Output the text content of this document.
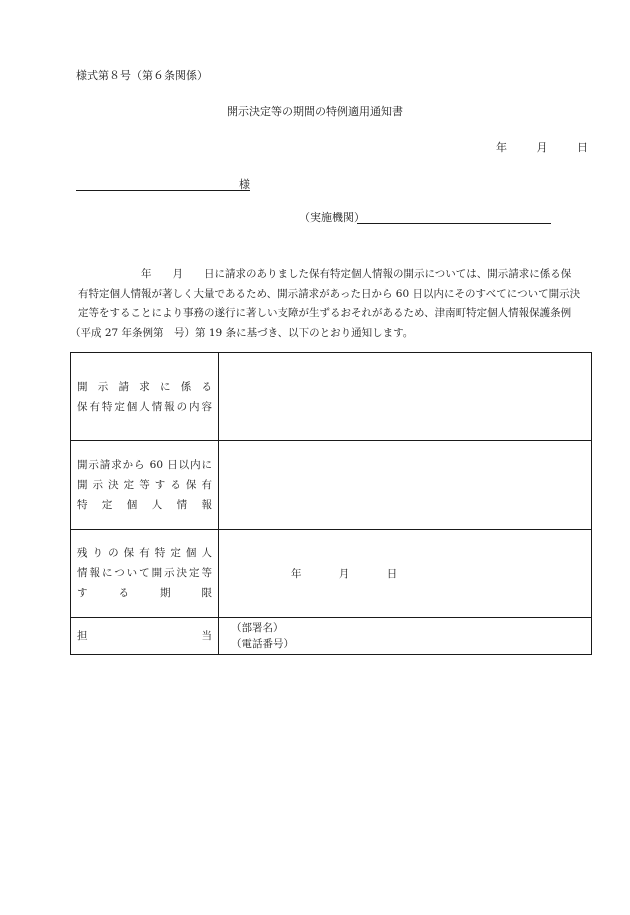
様式第８号（第６条関係）
開示決定等の期間の特例適用通知書
年	月	日
様
（実施機関）
　　　　　　年　　月　　日に請求のありました保有特定個人情報の開示については、開示請求に係る保
有特定個人情報が著しく大量であるため、開示請求があった日から 60 日以内にそのすべてについて開示決
定等をすることにより事務の遂行に著しい支障が生ずるおそれがあるため、津南町特定個人情報保護条例
（平成 27 年条例第　号）第 19 条に基づき、以下のとおり通知します。
開示請求に係る
保有特定個人情報の内容	

開示請求から 60 日以内に
開示決定等する保有
特定個人情報	

残りの保有特定個人
情報について開示決定等
する期限	年 月 日

担当	（部署名）
（電話番号）
